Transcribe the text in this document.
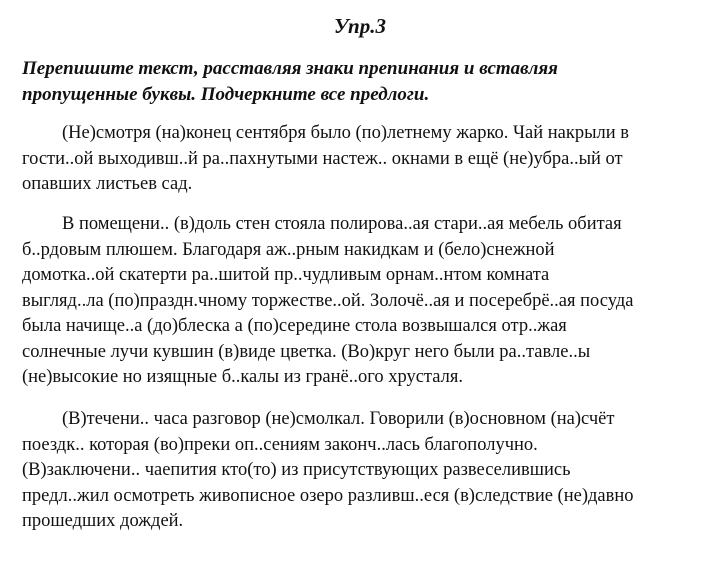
Упр.3

Перепишите текст, расставляя знаки препинания и вставляя
пропущенные буквы. Подчеркните все предлоги.

(Не)смотря (на)конец сентября было (по)летнему жарко. Чай накрыли в
гости..ой выходивш..й ра..пахнутыми настеж.. окнами в ещё (не)убра..ый от
опавших листьев сад.

В помещени.. (в)доль стен стояла полирова..ая стари..ая мебель обитая
б..рдовым плюшем. Благодаря аж..рным накидкам и (бело)снежной
домотка..ой скатерти ра..шитой пр..чудливым орнам..нтом комната
выгляд..ла (по)праздн.чному торжестве..ой. Золочё..ая и посеребрё..ая посуда
была начище..а (до)блеска а (по)середине стола возвышался отр..жая
солнечные лучи кувшин (в)виде цветка. (Во)круг него были ра..тавле..ы
(не)высокие но изящные б..калы из гранё..ого хрусталя.

(В)течени.. часа разговор (не)смолкал. Говорили (в)основном (на)счёт
поездк.. которая (во)преки оп..сениям законч..лась благополучно.
(В)заключени.. чаепития кто(то) из присутствующих развеселившись
предл..жил осмотреть живописное озеро разливш..еся (в)следствие (не)давно
прошедших дождей.
